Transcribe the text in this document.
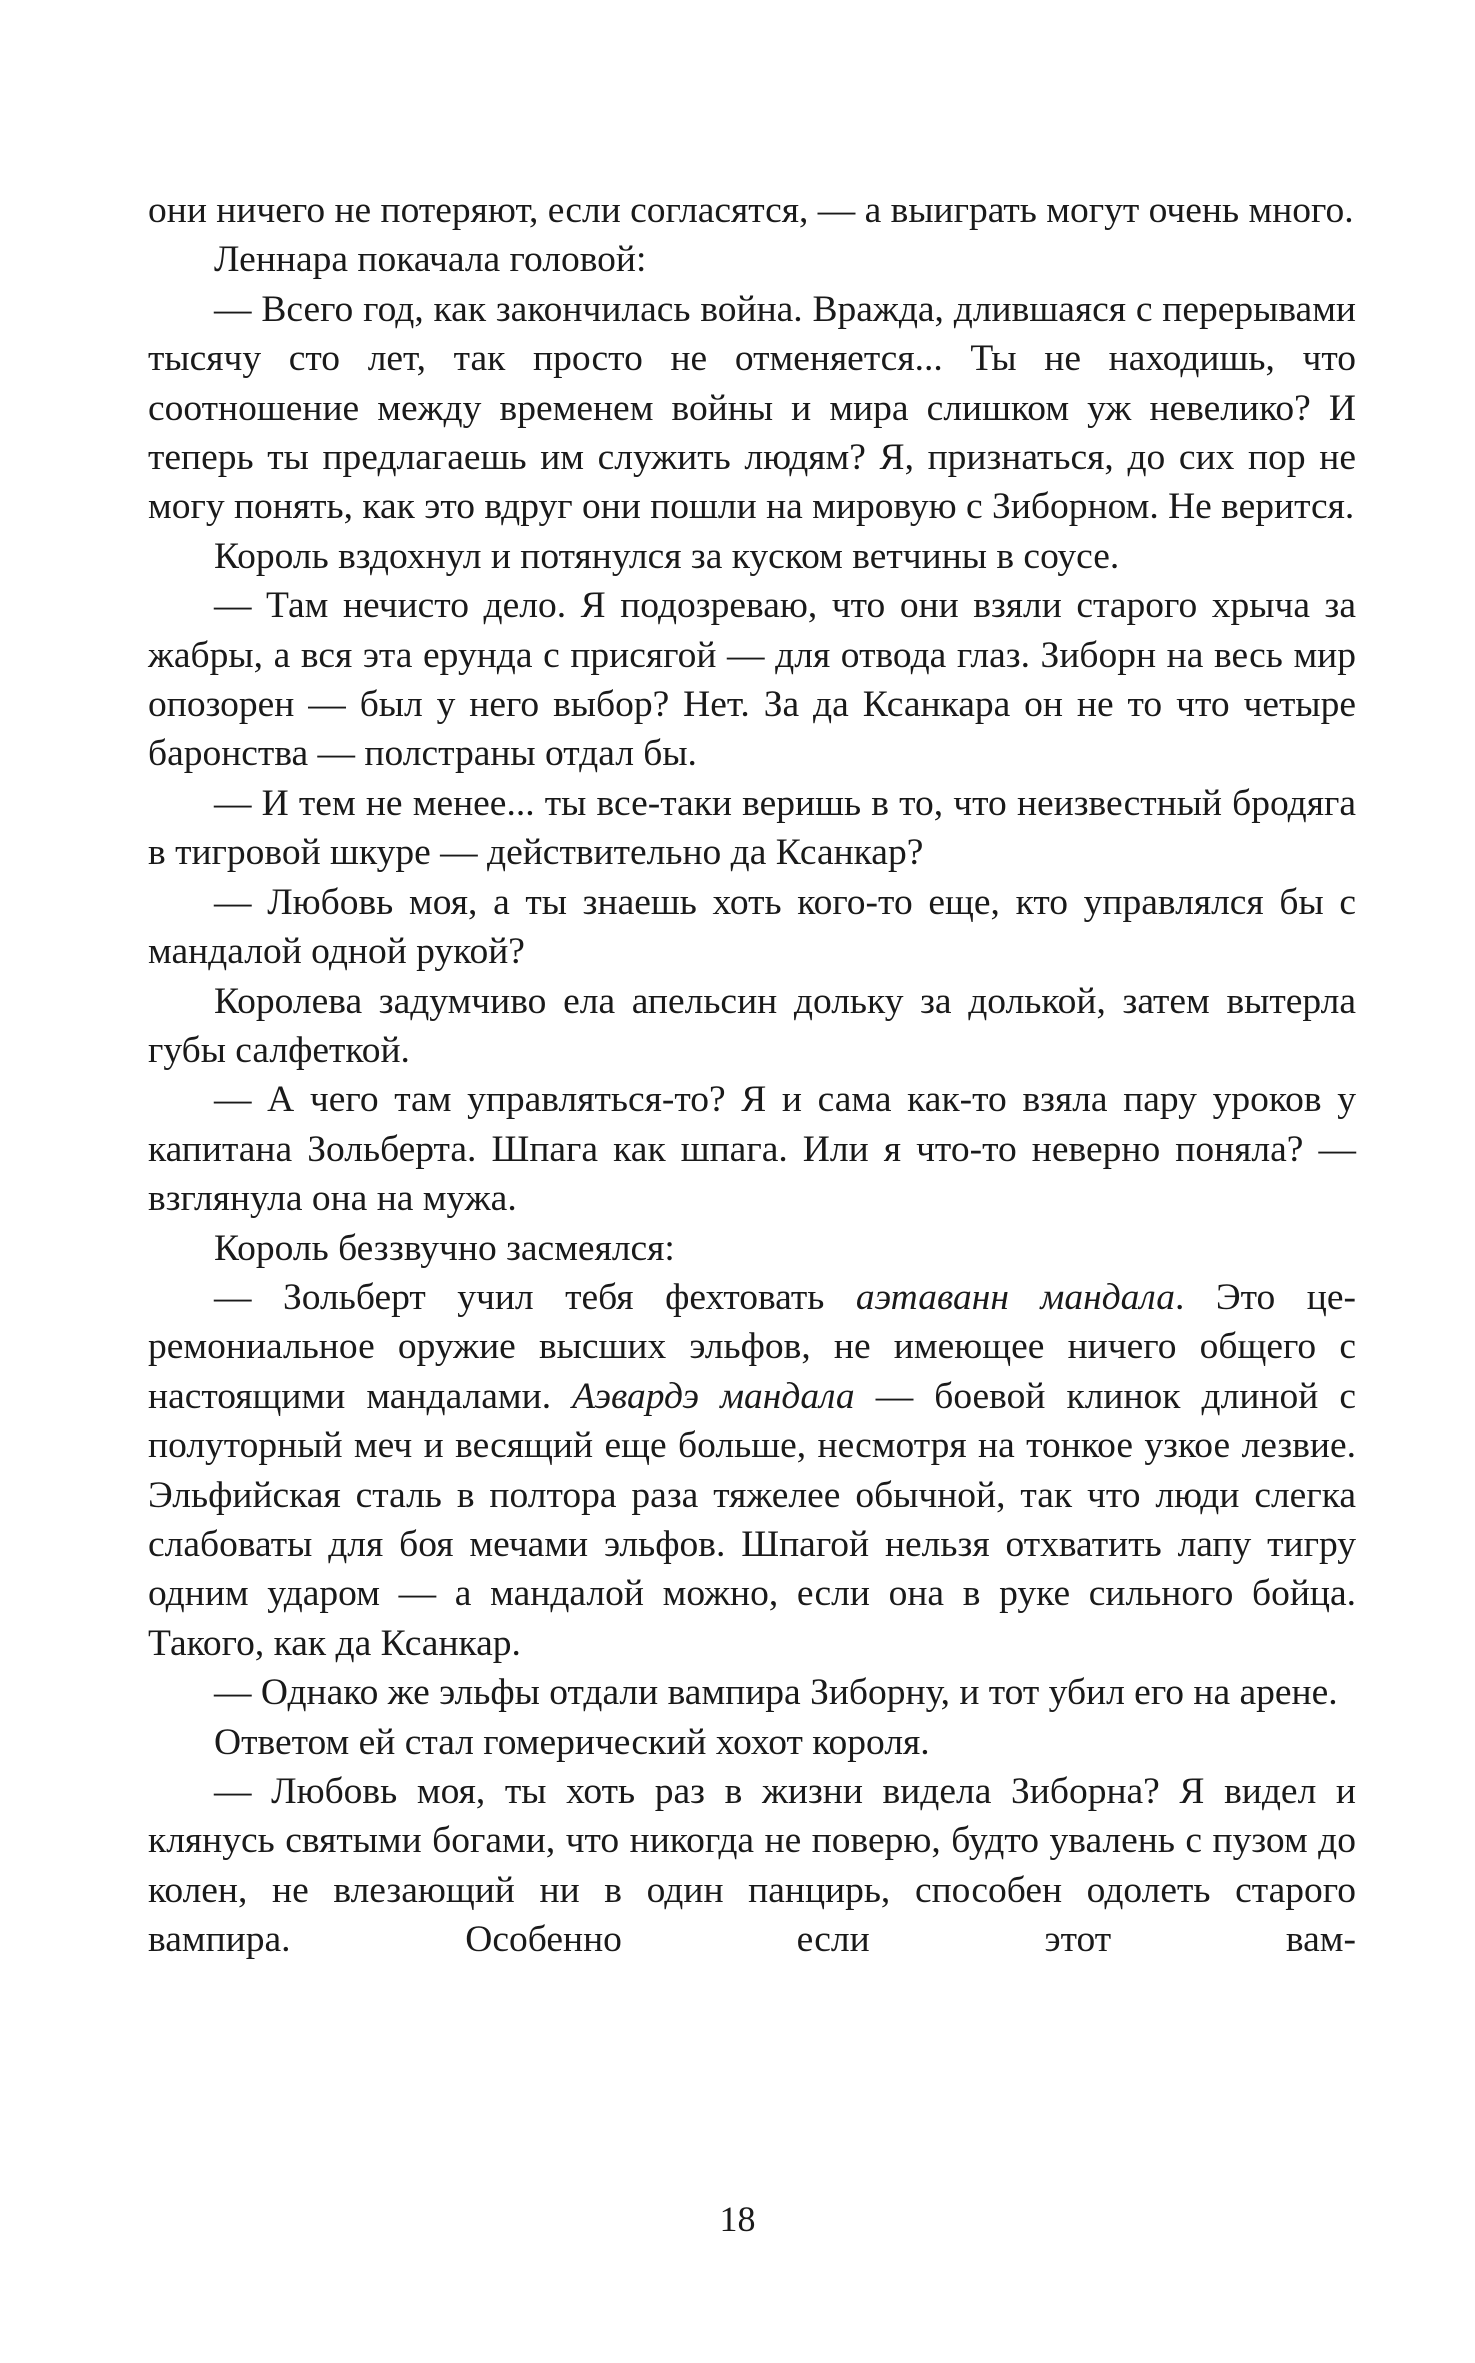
они ничего не потеряют, если согласятся, — а выиграть могут очень много.

Леннара покачала головой:

— Всего год, как закончилась война. Вражда, длившаяся с перерывами тысячу сто лет, так просто не отменяется... Ты не находишь, что соотношение между временем войны и мира слишком уж невелико? И теперь ты предлагаешь им служить людям? Я, признаться, до сих пор не могу понять, как это вдруг они пошли на мировую с Зиборном. Не верится.

Король вздохнул и потянулся за куском ветчины в соусе.

— Там нечисто дело. Я подозреваю, что они взяли старого хрыча за жабры, а вся эта ерунда с присягой — для отвода глаз. Зиборн на весь мир опозорен — был у него выбор? Нет. За да Ксанкара он не то что четыре баронства — полстраны отдал бы.

— И тем не менее... ты все-таки веришь в то, что неизвестный бродяга в тигровой шкуре — действительно да Ксанкар?

— Любовь моя, а ты знаешь хоть кого-то еще, кто управлялся бы с мандалой одной рукой?

Королева задумчиво ела апельсин дольку за долькой, затем вытерла губы салфеткой.

— А чего там управляться-то? Я и сама как-то взяла пару уроков у капитана Зольберта. Шпага как шпага. Или я что-то неверно поняла? — взглянула она на мужа.

Король беззвучно засмеялся:

— Зольберт учил тебя фехтовать аэтаванн мандала. Это церемониальное оружие высших эльфов, не имеющее ничего общего с настоящими мандалами. Аэвардэ мандала — боевой клинок длиной с полуторный меч и весящий еще больше, несмотря на тонкое узкое лезвие. Эльфийская сталь в полтора раза тяжелее обычной, так что люди слегка слабоваты для боя мечами эльфов. Шпагой нельзя отхватить лапу тигру одним ударом — а мандалой можно, если она в руке сильного бойца. Такого, как да Ксанкар.

— Однако же эльфы отдали вампира Зиборну, и тот убил его на арене.

Ответом ей стал гомерический хохот короля.

— Любовь моя, ты хоть раз в жизни видела Зиборна? Я видел и клянусь святыми богами, что никогда не поверю, будто увалень с пузом до колен, не влезающий ни в один панцирь, способен одолеть старого вампира. Особенно если этот вам-

18
